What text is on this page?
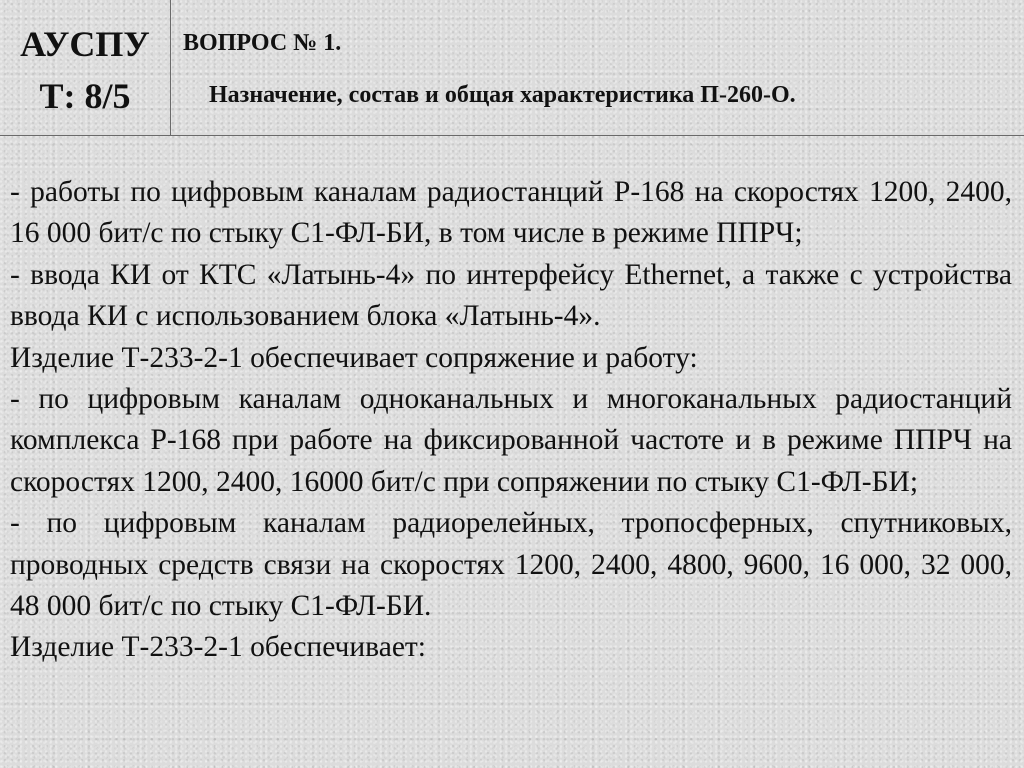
АУСПУ
Т: 8/5
ВОПРОС № 1.
Назначение, состав и общая характеристика П-260-О.

- работы по цифровым каналам радиостанций Р-168 на скоростях 1200, 2400, 16 000 бит/с по стыку С1-ФЛ-БИ, в том числе в режиме ППРЧ;

- ввода КИ от КТС «Латынь-4» по интерфейсу Ethernet, а также с устройства ввода КИ с использованием блока «Латынь-4».

Изделие Т-233-2-1 обеспечивает сопряжение и работу:

- по цифровым каналам одноканальных и многоканальных радиостанций комплекса Р-168 при работе на фиксированной частоте и в режиме ППРЧ на скоростях 1200, 2400, 16000 бит/с при сопряжении по стыку С1-ФЛ-БИ;

- по цифровым каналам радиорелейных, тропосферных, спутниковых, проводных средств связи на скоростях 1200, 2400, 4800, 9600, 16 000, 32 000, 48 000 бит/с по стыку С1-ФЛ-БИ.

Изделие Т-233-2-1 обеспечивает:
